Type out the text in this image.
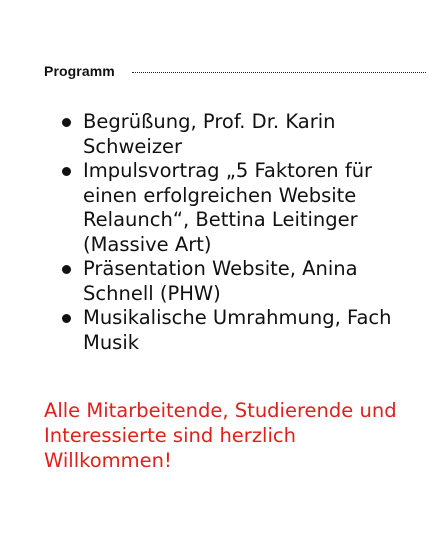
Programm
Begrüßung, Prof. Dr. Karin Schweizer
Impulsvortrag „5 Faktoren für einen erfolgreichen Website Relaunch“, Bettina Leitinger (Massive Art)
Präsentation Website, Anina Schnell (PHW)
Musikalische Umrahmung, Fach Musik

Alle Mitarbeitende, Studierende und Interessierte sind herzlich Willkommen!
